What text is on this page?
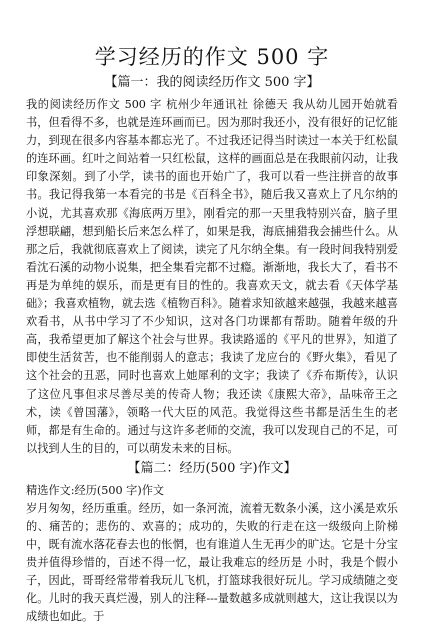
学习经历的作文 500 字
【篇一：我的阅读经历作文 500 字】

我的阅读经历作文 500 字 杭州少年通讯社 徐德天 我从幼儿园开始就看书，但看得不多，也就是连环画而已。因为那时我还小，没有很好的记忆能力，到现在很多内容基本都忘光了。不过我还记得当时读过一本关于红松鼠的连环画。红叶之间站着一只红松鼠，这样的画面总是在我眼前闪动，让我印象深刻。到了小学，读书的面也开始广了，我可以看一些注拼音的故事书。我记得我第一本看完的书是《百科全书》，随后我又喜欢上了凡尔纳的小说，尤其喜欢那《海底两万里》，刚看完的那一天里我特别兴奋，脑子里浮想联翩，想到船长后来怎么样了，如果是我，海底捕猎我会捕些什么。从那之后，我就彻底喜欢上了阅读，读完了凡尔纳全集。有一段时间我特别爱看沈石溪的动物小说集，把全集看完都不过瘾。渐渐地，我长大了，看书不再是为单纯的娱乐，而是更有目的性的。我喜欢天文，就去看《天体学基础》；我喜欢植物，就去选《植物百科》。随着求知欲越来越强，我越来越喜欢看书，从书中学习了不少知识，这对各门功课都有帮助。随着年级的升高，我希望更加了解这个社会与世界。我读路遥的《平凡的世界》，知道了即使生活贫苦，也不能削弱人的意志；我读了龙应台的《野火集》，看见了这个社会的丑恶，同时也喜欢上她犀利的文字；我读了《乔布斯传》，认识了这位凡事但求尽善尽美的传奇人物；我还读《康熙大帝》，品味帝王之术，读《曾国藩》，领略一代大臣的风范。我觉得这些书都是活生生的老师，都是有生命的。通过与这许多老师的交流，我可以发现自己的不足，可以找到人生的目的，可以萌发未来的目标。

【篇二：经历(500 字)作文】

精选作文:经历(500 字)作文

岁月匆匆，经历重重。经历，如一条河流，流着无数条小溪，这小溪是欢乐的、痛苦的；悲伤的、欢喜的；成功的，失败的行走在这一级级向上阶梯中，既有流水落花春去也的怅惘，也有谁道人生无再少的旷达。它是十分宝贵并值得珍惜的，百述不得一忆，最让我难忘的经历是 小时，我是个假小子，因此，哥哥经常带着我玩儿飞机，打篮球我很好玩儿。学习成绩随之变化。儿时的我天真烂漫，别人的注释---量数越多成就则越大，这让我误以为成绩也如此。于
